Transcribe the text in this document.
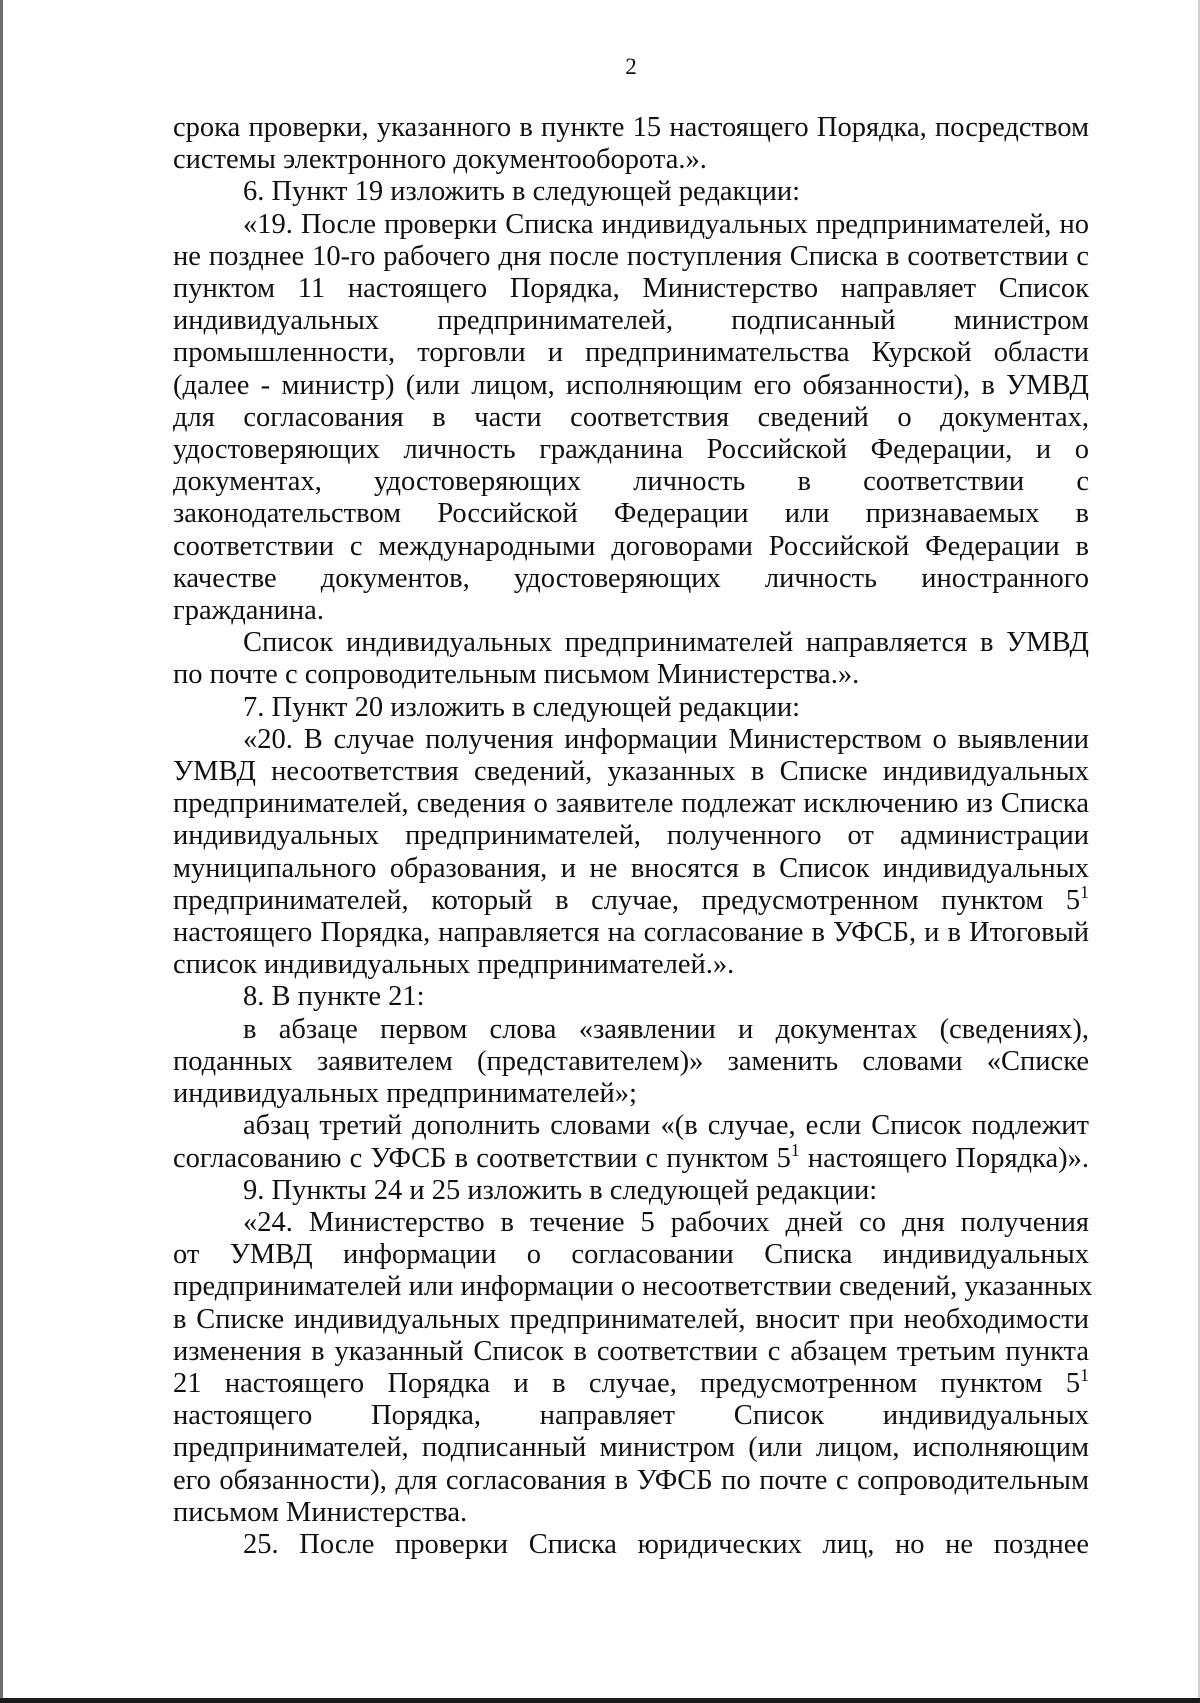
2
срока проверки, указанного в пункте 15 настоящего Порядка, посредством
системы электронного документооборота.».
6. Пункт 19 изложить в следующей редакции:
«19. После проверки Списка индивидуальных предпринимателей, но
не позднее 10-го рабочего дня после поступления Списка в соответствии с
пунктом 11 настоящего Порядка, Министерство направляет Список
индивидуальных предпринимателей, подписанный министром
промышленности, торговли и предпринимательства Курской области
(далее - министр) (или лицом, исполняющим его обязанности), в УМВД
для согласования в части соответствия сведений о документах,
удостоверяющих личность гражданина Российской Федерации, и о
документах, удостоверяющих личность в соответствии с
законодательством Российской Федерации или признаваемых в
соответствии с международными договорами Российской Федерации в
качестве документов, удостоверяющих личность иностранного
гражданина.
Список индивидуальных предпринимателей направляется в УМВД
по почте с сопроводительным письмом Министерства.».
7. Пункт 20 изложить в следующей редакции:
«20. В случае получения информации Министерством о выявлении
УМВД несоответствия сведений, указанных в Списке индивидуальных
предпринимателей, сведения о заявителе подлежат исключению из Списка
индивидуальных предпринимателей, полученного от администрации
муниципального образования, и не вносятся в Список индивидуальных
предпринимателей, который в случае, предусмотренном пунктом $5^1$
настоящего Порядка, направляется на согласование в УФСБ, и в Итоговый
список индивидуальных предпринимателей.».
8. В пункте 21:
в абзаце первом слова «заявлении и документах (сведениях),
поданных заявителем (представителем)» заменить словами «Списке
индивидуальных предпринимателей»;
абзац третий дополнить словами «(в случае, если Список подлежит
согласованию с УФСБ в соответствии с пунктом $5^1$ настоящего Порядка)».
9. Пункты 24 и 25 изложить в следующей редакции:
«24. Министерство в течение 5 рабочих дней со дня получения
от УМВД информации о согласовании Списка индивидуальных
предпринимателей или информации о несоответствии сведений, указанных
в Списке индивидуальных предпринимателей, вносит при необходимости
изменения в указанный Список в соответствии с абзацем третьим пункта
21 настоящего Порядка и в случае, предусмотренном пунктом $5^1$
настоящего Порядка, направляет Список индивидуальных
предпринимателей, подписанный министром (или лицом, исполняющим
его обязанности), для согласования в УФСБ по почте с сопроводительным
письмом Министерства.
25. После проверки Списка юридических лиц, но не позднее
